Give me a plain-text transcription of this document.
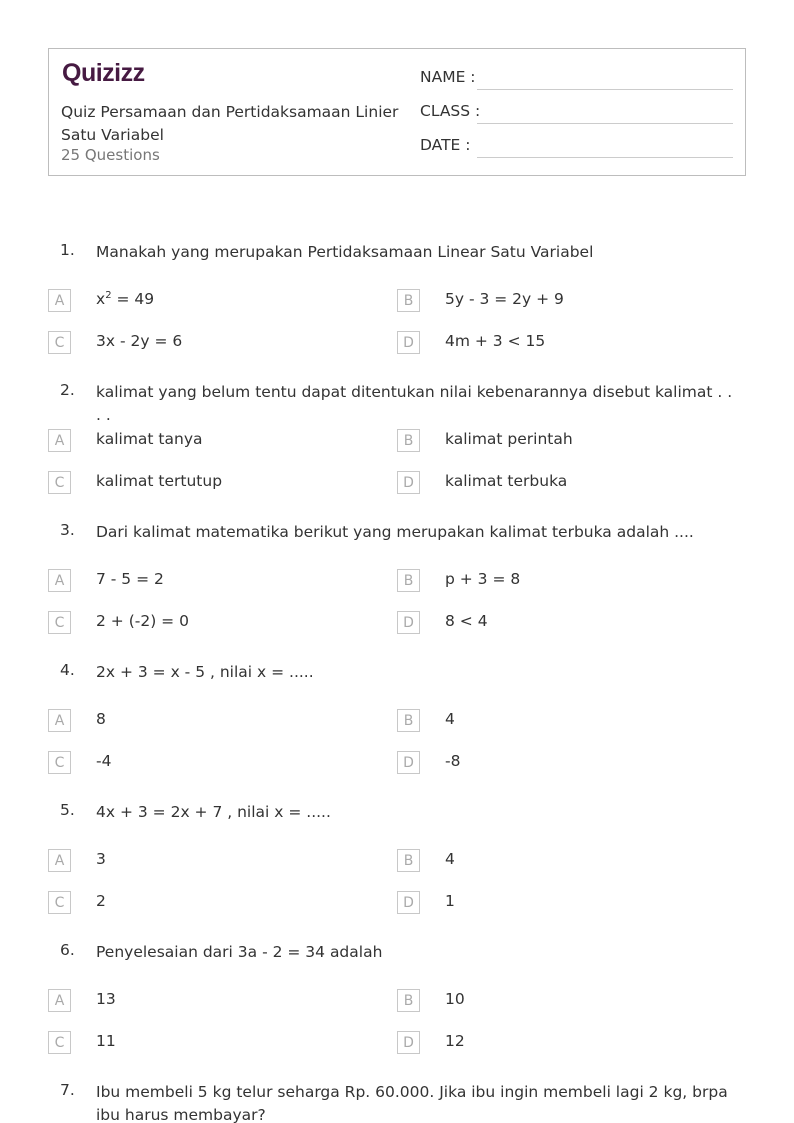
Quizizz
Quiz Persamaan dan Pertidaksamaan Linier Satu Variabel
25 Questions
NAME :
CLASS :
DATE :
1. Manakah yang merupakan Pertidaksamaan Linear Satu Variabel
A	$x^2 = 49$	B	5y - 3 = 2y + 9
C	3x - 2y = 6	D	4m + 3 < 15
2. kalimat yang belum tentu dapat ditentukan nilai kebenarannya disebut kalimat . . . .
A	kalimat tanya	B	kalimat perintah
C	kalimat tertutup	D	kalimat terbuka
3. Dari kalimat matematika berikut yang merupakan kalimat terbuka adalah ....
A	7 - 5 = 2	B	p + 3 = 8
C	2 + (-2) = 0	D	8 < 4
4. 2x + 3 = x - 5 , nilai x = .....
A	8	B	4
C	-4	D	-8
5. 4x + 3 = 2x + 7 , nilai x = .....
A	3	B	4
C	2	D	1
6. Penyelesaian dari 3a - 2 = 34 adalah
A	13	B	10
C	11	D	12
7. Ibu membeli 5 kg telur seharga Rp. 60.000. Jika ibu ingin membeli lagi 2 kg, brpa ibu harus membayar?
